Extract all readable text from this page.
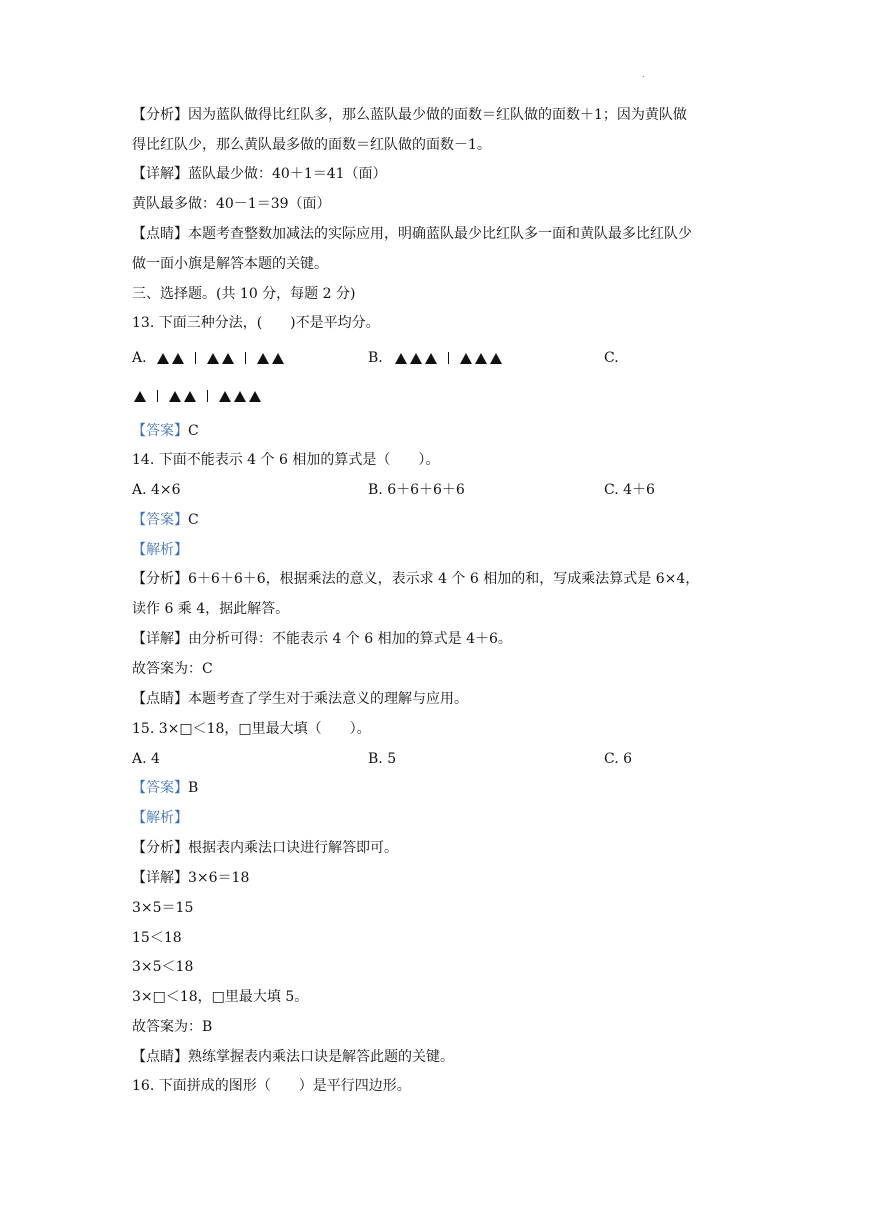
.
【分析】因为蓝队做得比红队多，那么蓝队最少做的面数＝红队做的面数＋1；因为黄队做
得比红队少，那么黄队最多做的面数＝红队做的面数－1。
【详解】蓝队最少做：40＋1＝41（面）
黄队最多做：40－1＝39（面）
【点睛】本题考查整数加减法的实际应用，明确蓝队最少比红队多一面和黄队最多比红队少
做一面小旗是解答本题的关键。
三、选择题。(共 10 分，每题 2 分)
13. 下面三种分法，(　　)不是平均分。
A.	B.	C.
【答案】C
14. 下面不能表示 4 个 6 相加的算式是（　　）。
A. 4×6	B. 6＋6＋6＋6	C. 4＋6
【答案】C
【解析】
【分析】6＋6＋6＋6，根据乘法的意义，表示求 4 个 6 相加的和，写成乘法算式是 6×4，
读作 6 乘 4，据此解答。
【详解】由分析可得：不能表示 4 个 6 相加的算式是 4＋6。
故答案为：C
【点睛】本题考查了学生对于乘法意义的理解与应用。
15. 3×□＜18，□里最大填（　　）。
A. 4	B. 5	C. 6
【答案】B
【解析】
【分析】根据表内乘法口诀进行解答即可。
【详解】3×6＝18
3×5＝15
15＜18
3×5＜18
3×□＜18，□里最大填 5。
故答案为：B
【点睛】熟练掌握表内乘法口诀是解答此题的关键。
16. 下面拼成的图形（　　）是平行四边形。
